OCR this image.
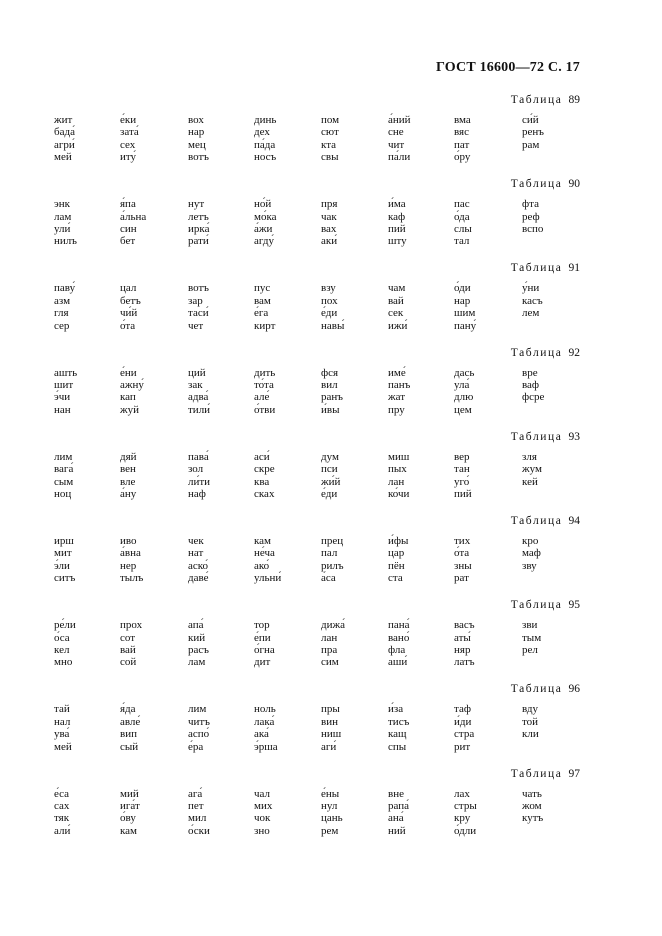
ГОСТ 16600—72 С. 17
Таблица 89
жит
бада́
агри́
мей
е́ки
зата́
сех
иту́
вох
нар
мец
вотъ
динь
дех
па́да
носъ
пом
сют
кта
свы
а́ний
сне
чит
па́ли
вма
вяс
пат
о́ру
си́й
ренъ
рам
Таблица 90
энк
лам
ули́
нилъ
я́па
а́льна
син
бет
нут
летъ
ирка́
рати́
но́й
мо́ка
а́жи
агду́
пря
чак
вах
аки́
и́ма
каф
пий
шту
пас
о́да
слы
тал
фта
реф
вспо
Таблица 91
паву́
азм
гля
сер
цал
бетъ
чи́й
о́та
вотъ
зар
таси́
чет
пус
вам
е́га
кирт
взу
пох
е́ди
навы́
чам
вай
сек
ижи́
о́ди
нар
шим
пану́
у́ни
касъ
лем
Таблица 92
ашть
шит
э́чи
нан
е́ни
ажну́
кап
жуй
ций
зак
адва́
тили́
дить
то́та
але́
о́тви
фся
вил
ранъ
и́вы
име́
панъ
жат
пру
дась
ула́
длю
цем
вре
ваф
фсре
Таблица 93
лим
вага́
сым
ноц
дяй
вен
вле
а́ну
пава́
зол
ли́ти
наф
аси́
скре
ква
сках
дум
пси
жи́й
е́ди
миш
пых
лан
ко́чи
вер
тан
уго́
пий
зля
жум
кей
Таблица 94
ирш
мит
э́ли
ситъ
иво
а́вна
нер
тылъ
чек
нат
аско́
даве́
кам
не́ча
ако́
ульни́
прец
пал
рилъ
а́са
и́фы
цар
пён
ста
тих
о́та
зны
рат
кро
маф
зву
Таблица 95
ре́ли
о́са
кел
мно
прох
сот
вай
сой
апа́
кий
расъ
лам
тор
е́пи
о́гна
дит
дижа́
лан
пра
сим
пана́
вано́
фла
аши́
васъ
аты́
няр
латъ
зви
тым
рел
Таблица 96
тай
нал
ува́
мей
я́да
авле́
вип
сый
лим
читъ
аспо́
е́ра
ноль
лака́
ака́
э́рша
пры
вин
ниш
аги́
и́за
тисъ
кащ
спы
таф
и́ди
стра
рит
вду
той
кли
Таблица 97
е́са
сах
тяк
али́
мий
ига́т
о́ву
кам
ага́
пет
мил
о́ски
чал
мих
чок
зно
е́ны
нул
цань
рем
вне
рапа́
ана́
ний
лах
стры
кру
о́дли
чать
жом
кутъ
